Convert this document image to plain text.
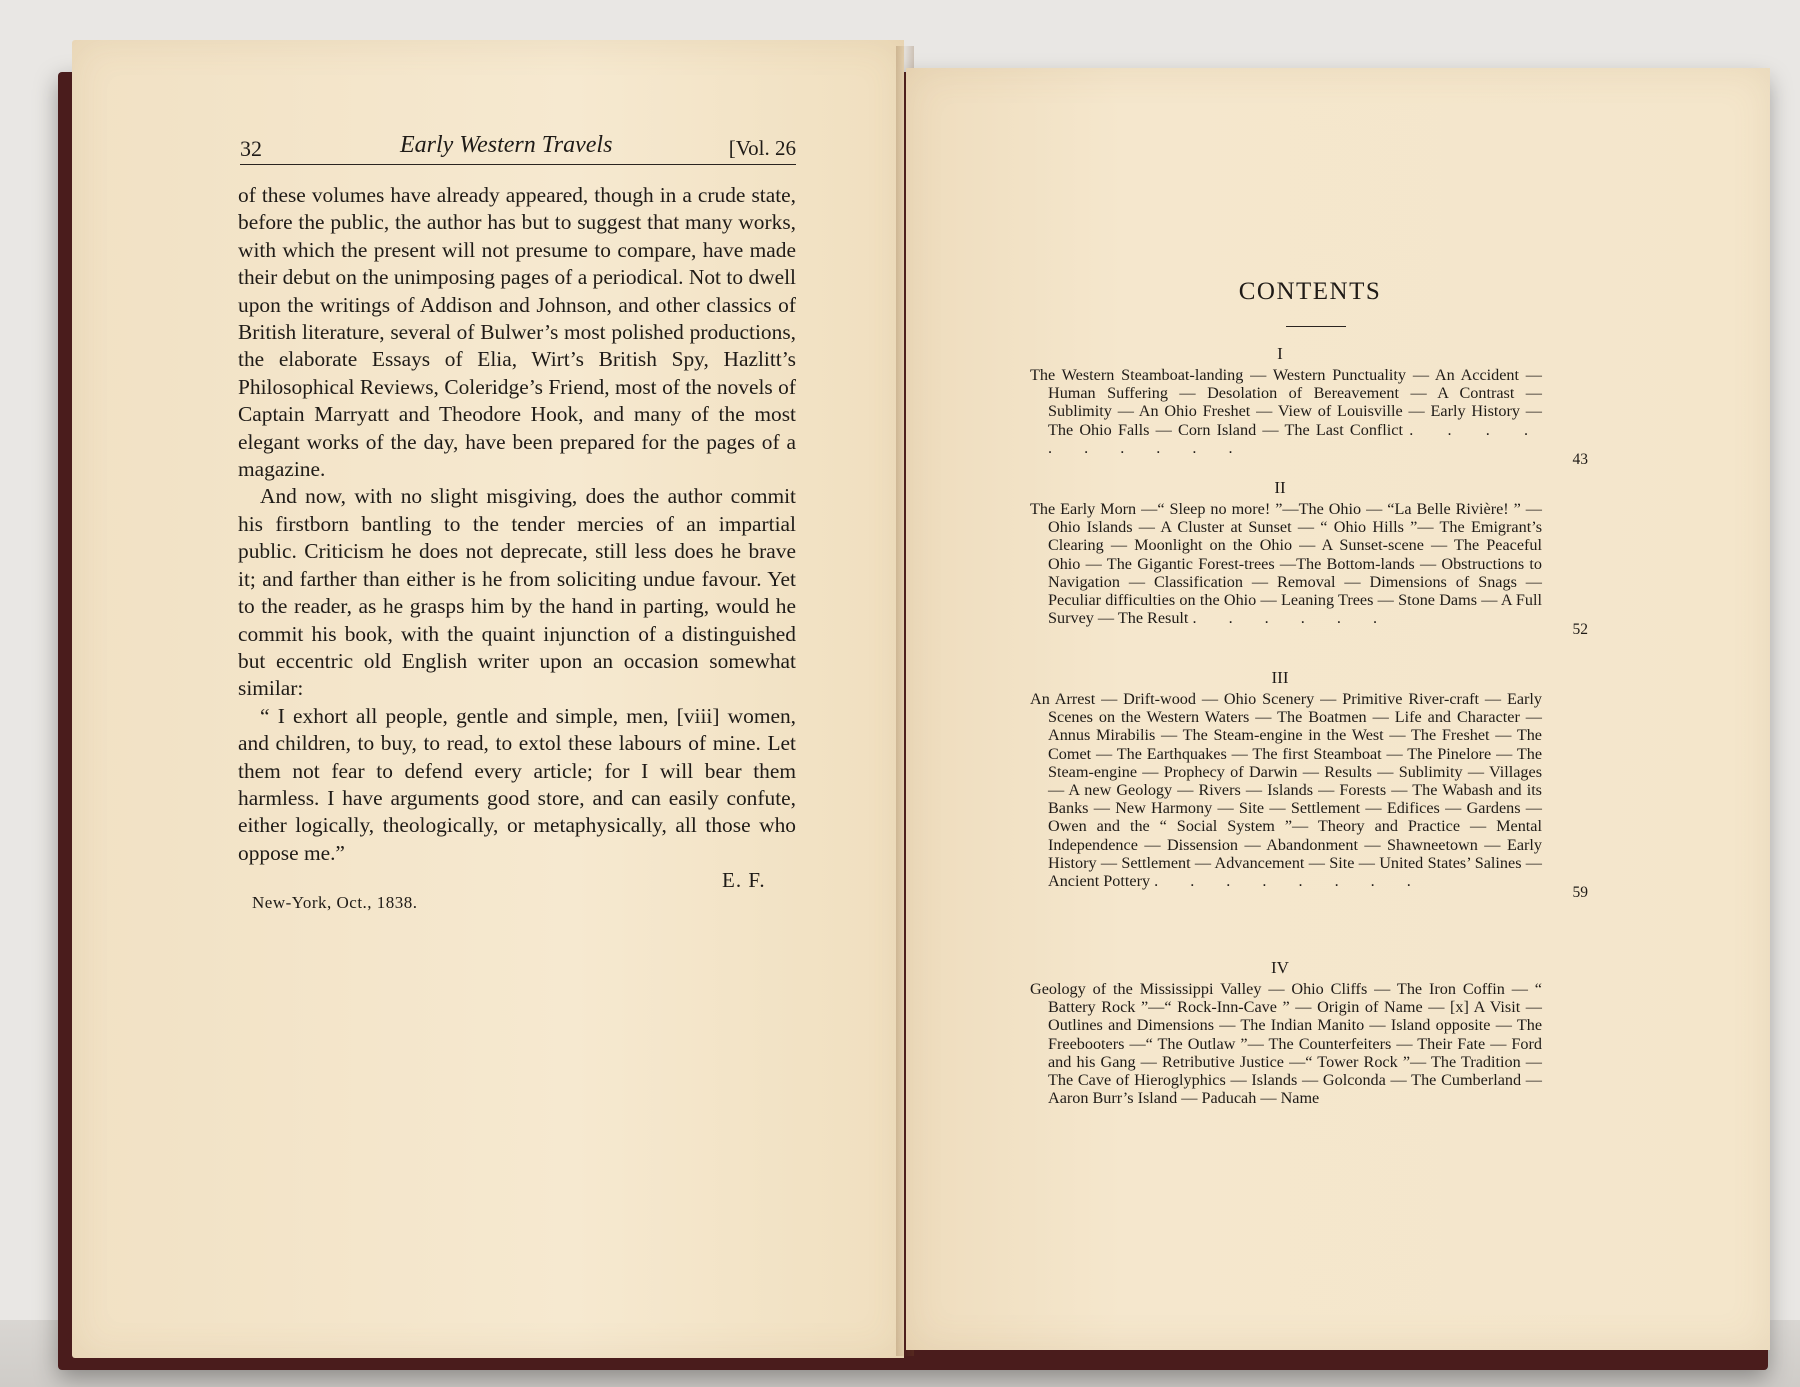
32	Early Western Travels	[Vol. 26

of these volumes have already appeared, though in a crude state, before the public, the author has but to suggest that many works, with which the present will not presume to compare, have made their debut on the unimposing pages of a periodical. Not to dwell upon the writings of Addison and Johnson, and other classics of British literature, several of Bulwer’s most polished productions, the elaborate Essays of Elia, Wirt’s British Spy, Hazlitt’s Philosophical Reviews, Coleridge’s Friend, most of the novels of Captain Marryatt and Theodore Hook, and many of the most elegant works of the day, have been prepared for the pages of a magazine.

And now, with no slight misgiving, does the author commit his firstborn bantling to the tender mercies of an impartial public. Criticism he does not deprecate, still less does he brave it; and farther than either is he from soliciting undue favour. Yet to the reader, as he grasps him by the hand in parting, would he commit his book, with the quaint injunction of a distinguished but eccentric old English writer upon an occasion somewhat similar:

“ I exhort all people, gentle and simple, men, [viii] women, and children, to buy, to read, to extol these labours of mine. Let them not fear to defend every article; for I will bear them harmless. I have arguments good store, and can easily confute, either logically, theologically, or metaphysically, all those who oppose me.”

E. F.
New-York, Oct., 1838.
CONTENTS
I
The Western Steamboat-landing — Western Punctuality — An Accident — Human Suffering — Desolation of Bereavement — A Contrast — Sublimity — An Ohio Freshet — View of Louisville — Early History — The Ohio Falls — Corn Island — The Last Conflict . . . . . . . . . .
43
II
The Early Morn —“ Sleep no more! ”—The Ohio — “La Belle Rivière! ” — Ohio Islands — A Cluster at Sunset — “ Ohio Hills ”— The Emigrant’s Clearing — Moonlight on the Ohio — A Sunset-scene — The Peaceful Ohio — The Gigantic Forest-trees —The Bottom-lands — Obstructions to Navigation — Classification — Removal — Dimensions of Snags — Peculiar difficulties on the Ohio — Leaning Trees — Stone Dams — A Full Survey — The Result . . . . . .
52
III
An Arrest — Drift-wood — Ohio Scenery — Primitive River-craft — Early Scenes on the Western Waters — The Boatmen — Life and Character — Annus Mirabilis — The Steam-engine in the West — The Freshet — The Comet — The Earthquakes — The first Steamboat — The Pinelore — The Steam-engine — Prophecy of Darwin — Results — Sublimity — Villages — A new Geology — Rivers — Islands — Forests — The Wabash and its Banks — New Harmony — Site — Settlement — Edifices — Gardens — Owen and the “ Social System ”— Theory and Practice — Mental Independence — Dissension — Abandonment — Shawneetown — Early History — Settlement — Advancement — Site — United States’ Salines — Ancient Pottery . . . . . . . .
59
IV
Geology of the Mississippi Valley — Ohio Cliffs — The Iron Coffin — “ Battery Rock ”—“ Rock-Inn-Cave ” — Origin of Name — [x] A Visit — Outlines and Dimensions — The Indian Manito — Island opposite — The Freebooters —“ The Outlaw ”— The Counterfeiters — Their Fate — Ford and his Gang — Retributive Justice —“ Tower Rock ”— The Tradition — The Cave of Hieroglyphics — Islands — Golconda — The Cumberland — Aaron Burr’s Island — Paducah — Name
